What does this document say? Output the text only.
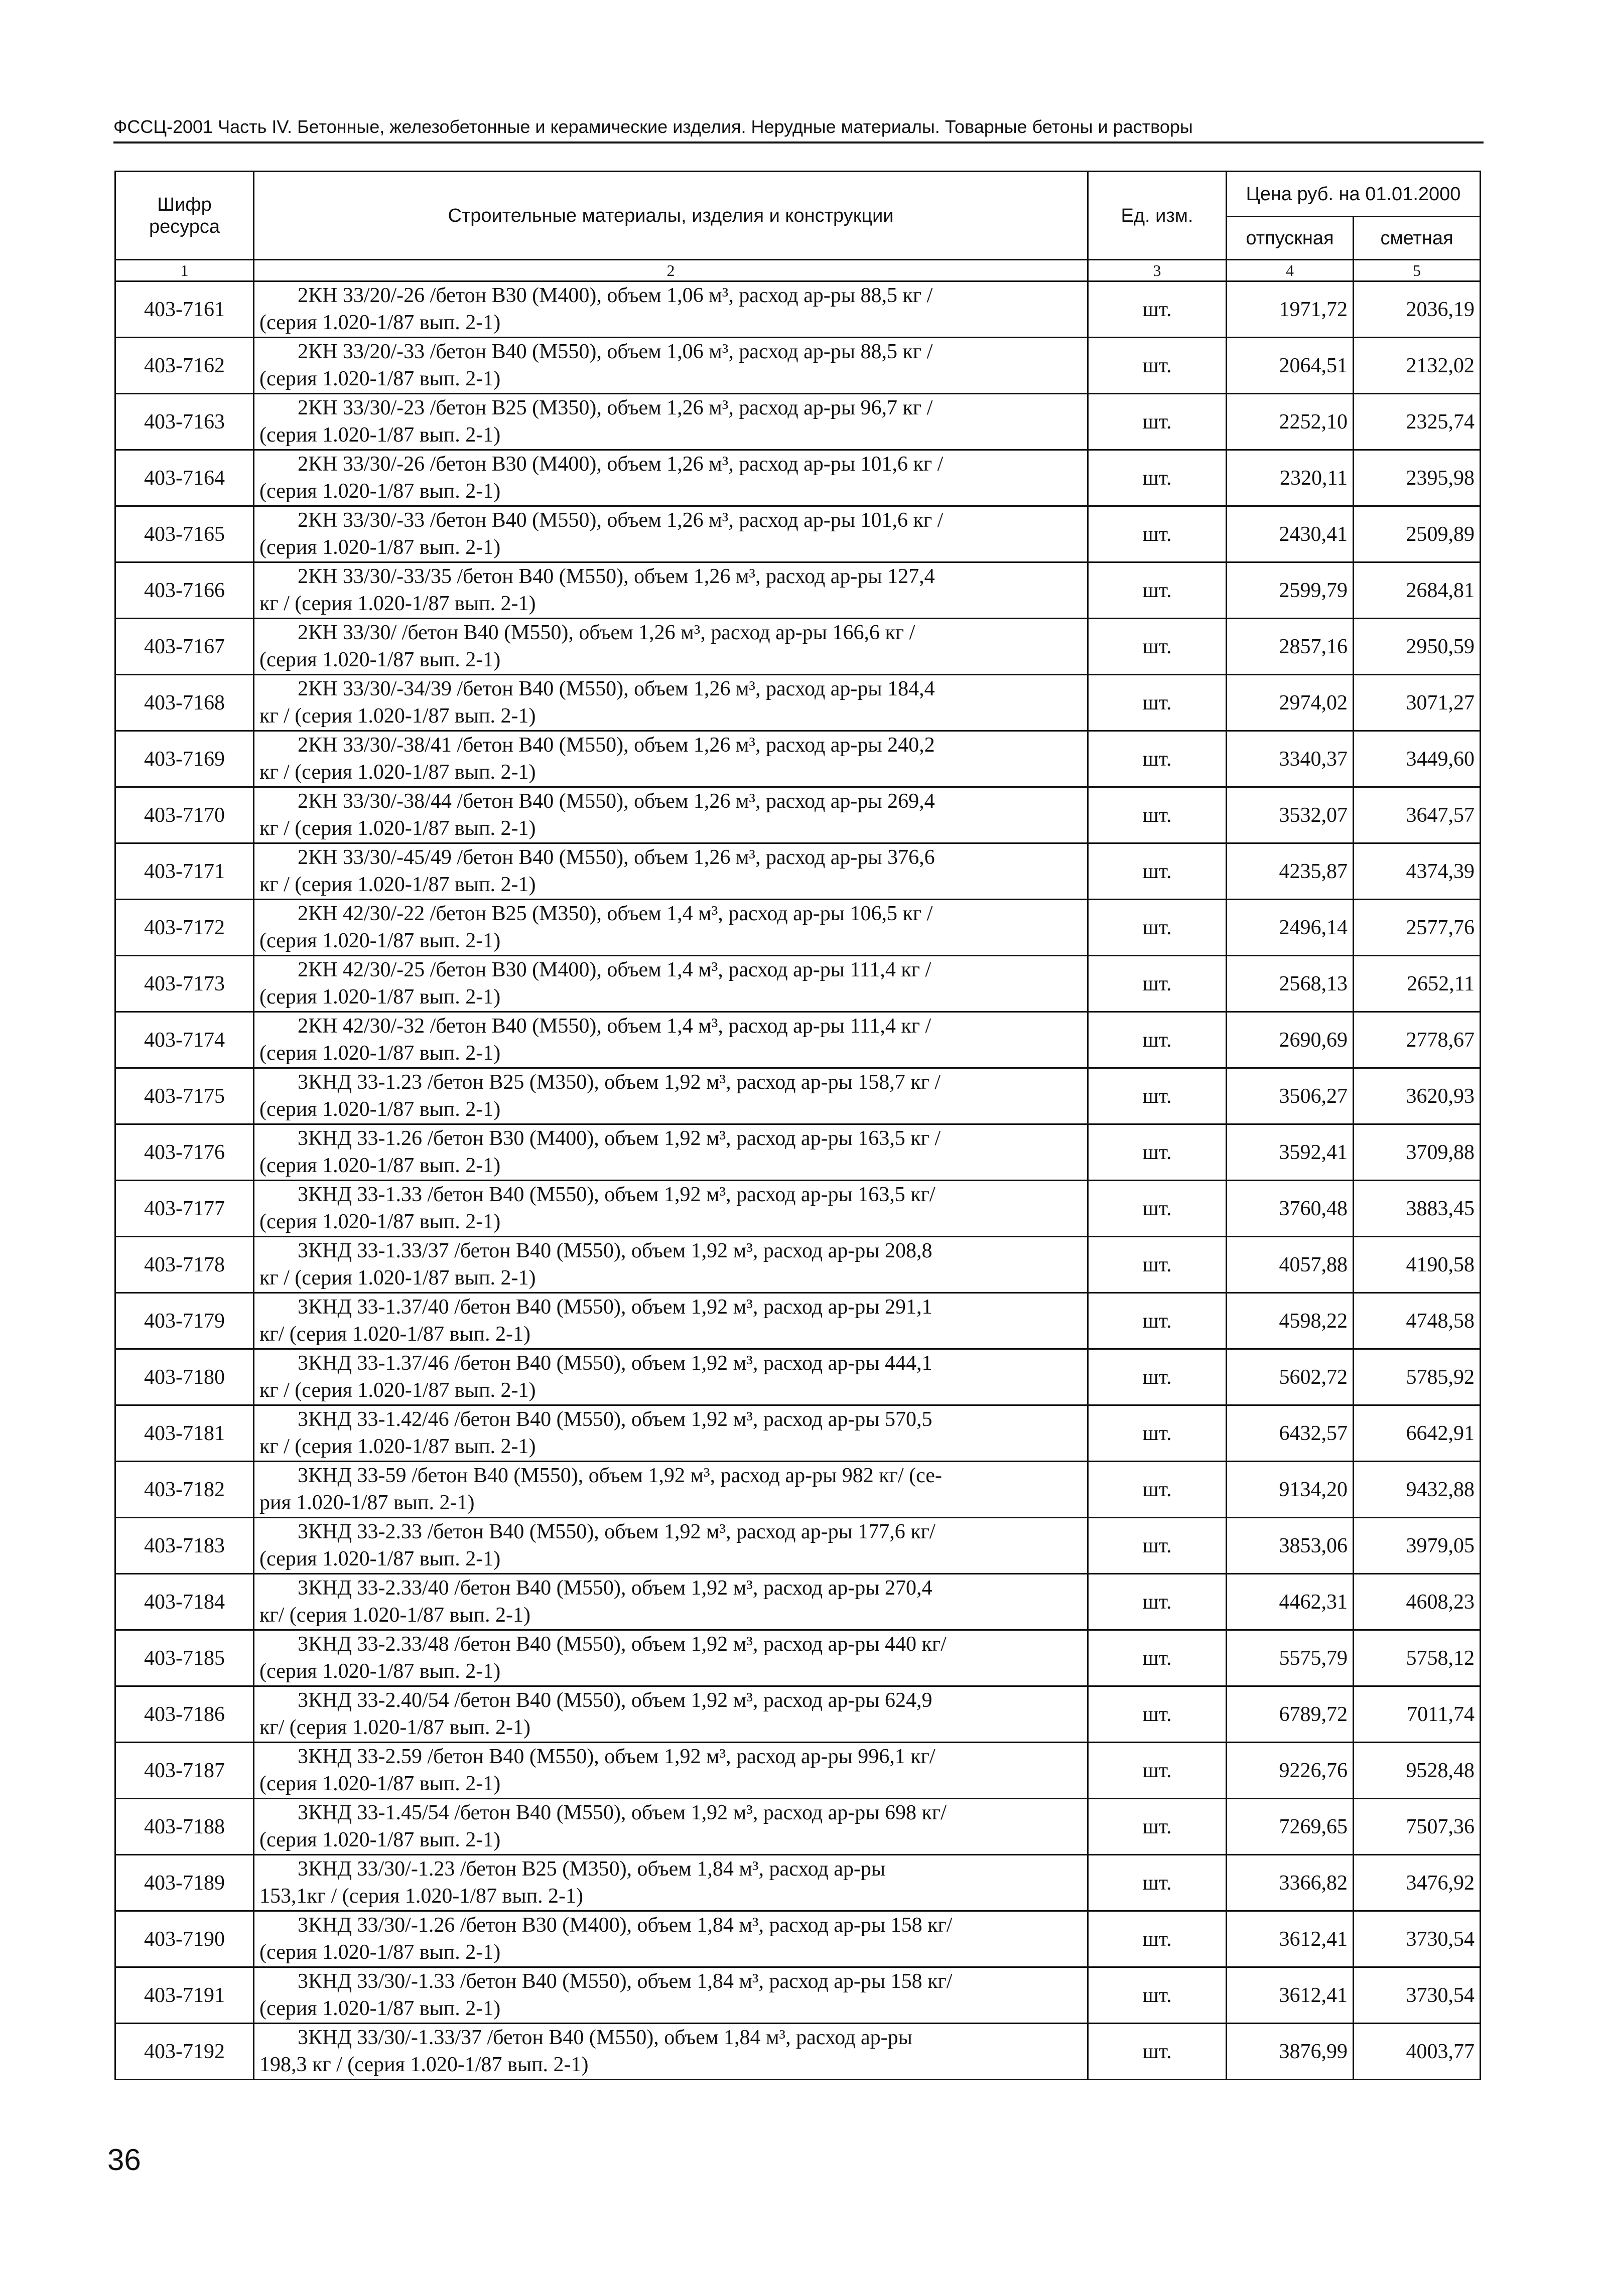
ФССЦ-2001 Часть IV. Бетонные, железобетонные и керамические изделия. Нерудные материалы. Товарные бетоны и растворы
Шифр ресурса	Строительные материалы, изделия и конструкции	Ед. изм.	Цена руб. на 01.01.2000	
			отпускная	сметная
1	2	3	4	5
403-7161	2КН 33/20/-26 /бетон В30 (М400), объем 1,06 м³, расход ар-ры 88,5 кг /
(серия 1.020-1/87 вып. 2-1)	шт.	1971,72	2036,19
403-7162	2КН 33/20/-33 /бетон В40 (М550), объем 1,06 м³, расход ар-ры 88,5 кг /
(серия 1.020-1/87 вып. 2-1)	шт.	2064,51	2132,02
403-7163	2КН 33/30/-23 /бетон В25 (М350), объем 1,26 м³, расход ар-ры 96,7 кг /
(серия 1.020-1/87 вып. 2-1)	шт.	2252,10	2325,74
403-7164	2КН 33/30/-26 /бетон В30 (М400), объем 1,26 м³, расход ар-ры 101,6 кг /
(серия 1.020-1/87 вып. 2-1)	шт.	2320,11	2395,98
403-7165	2КН 33/30/-33 /бетон В40 (М550), объем 1,26 м³, расход ар-ры 101,6 кг /
(серия 1.020-1/87 вып. 2-1)	шт.	2430,41	2509,89
403-7166	2КН 33/30/-33/35 /бетон В40 (М550), объем 1,26 м³, расход ар-ры 127,4
кг / (серия 1.020-1/87 вып. 2-1)	шт.	2599,79	2684,81
403-7167	2КН 33/30/ /бетон В40 (М550), объем 1,26 м³, расход ар-ры 166,6 кг /
(серия 1.020-1/87 вып. 2-1)	шт.	2857,16	2950,59
403-7168	2КН 33/30/-34/39 /бетон В40 (М550), объем 1,26 м³, расход ар-ры 184,4
кг / (серия 1.020-1/87 вып. 2-1)	шт.	2974,02	3071,27
403-7169	2КН 33/30/-38/41 /бетон В40 (М550), объем 1,26 м³, расход ар-ры 240,2
кг / (серия 1.020-1/87 вып. 2-1)	шт.	3340,37	3449,60
403-7170	2КН 33/30/-38/44 /бетон В40 (М550), объем 1,26 м³, расход ар-ры 269,4
кг / (серия 1.020-1/87 вып. 2-1)	шт.	3532,07	3647,57
403-7171	2КН 33/30/-45/49 /бетон В40 (М550), объем 1,26 м³, расход ар-ры 376,6
кг / (серия 1.020-1/87 вып. 2-1)	шт.	4235,87	4374,39
403-7172	2КН 42/30/-22 /бетон В25 (М350), объем 1,4 м³, расход ар-ры 106,5 кг /
(серия 1.020-1/87 вып. 2-1)	шт.	2496,14	2577,76
403-7173	2КН 42/30/-25 /бетон В30 (М400), объем 1,4 м³, расход ар-ры 111,4 кг /
(серия 1.020-1/87 вып. 2-1)	шт.	2568,13	2652,11
403-7174	2КН 42/30/-32 /бетон В40 (М550), объем 1,4 м³, расход ар-ры 111,4 кг /
(серия 1.020-1/87 вып. 2-1)	шт.	2690,69	2778,67
403-7175	3КНД 33-1.23 /бетон В25 (М350), объем 1,92 м³, расход ар-ры 158,7 кг /
(серия 1.020-1/87 вып. 2-1)	шт.	3506,27	3620,93
403-7176	3КНД 33-1.26 /бетон В30 (М400), объем 1,92 м³, расход ар-ры 163,5 кг /
(серия 1.020-1/87 вып. 2-1)	шт.	3592,41	3709,88
403-7177	3КНД 33-1.33 /бетон В40 (М550), объем 1,92 м³, расход ар-ры 163,5 кг/
(серия 1.020-1/87 вып. 2-1)	шт.	3760,48	3883,45
403-7178	3КНД 33-1.33/37 /бетон В40 (М550), объем 1,92 м³, расход ар-ры 208,8
кг / (серия 1.020-1/87 вып. 2-1)	шт.	4057,88	4190,58
403-7179	3КНД 33-1.37/40 /бетон В40 (М550), объем 1,92 м³, расход ар-ры 291,1
кг/ (серия 1.020-1/87 вып. 2-1)	шт.	4598,22	4748,58
403-7180	3КНД 33-1.37/46 /бетон В40 (М550), объем 1,92 м³, расход ар-ры 444,1
кг / (серия 1.020-1/87 вып. 2-1)	шт.	5602,72	5785,92
403-7181	3КНД 33-1.42/46 /бетон В40 (М550), объем 1,92 м³, расход ар-ры 570,5
кг / (серия 1.020-1/87 вып. 2-1)	шт.	6432,57	6642,91
403-7182	3КНД 33-59 /бетон В40 (М550), объем 1,92 м³, расход ар-ры 982 кг/ (се-
рия 1.020-1/87 вып. 2-1)	шт.	9134,20	9432,88
403-7183	3КНД 33-2.33 /бетон В40 (М550), объем 1,92 м³, расход ар-ры 177,6 кг/
(серия 1.020-1/87 вып. 2-1)	шт.	3853,06	3979,05
403-7184	3КНД 33-2.33/40 /бетон В40 (М550), объем 1,92 м³, расход ар-ры 270,4
кг/ (серия 1.020-1/87 вып. 2-1)	шт.	4462,31	4608,23
403-7185	3КНД 33-2.33/48 /бетон В40 (М550), объем 1,92 м³, расход ар-ры 440 кг/
(серия 1.020-1/87 вып. 2-1)	шт.	5575,79	5758,12
403-7186	3КНД 33-2.40/54 /бетон В40 (М550), объем 1,92 м³, расход ар-ры 624,9
кг/ (серия 1.020-1/87 вып. 2-1)	шт.	6789,72	7011,74
403-7187	3КНД 33-2.59 /бетон В40 (М550), объем 1,92 м³, расход ар-ры 996,1 кг/
(серия 1.020-1/87 вып. 2-1)	шт.	9226,76	9528,48
403-7188	3КНД 33-1.45/54 /бетон В40 (М550), объем 1,92 м³, расход ар-ры 698 кг/
(серия 1.020-1/87 вып. 2-1)	шт.	7269,65	7507,36
403-7189	3КНД 33/30/-1.23 /бетон В25 (М350), объем 1,84 м³, расход ар-ры
153,1кг / (серия 1.020-1/87 вып. 2-1)	шт.	3366,82	3476,92
403-7190	3КНД 33/30/-1.26 /бетон В30 (М400), объем 1,84 м³, расход ар-ры 158 кг/
(серия 1.020-1/87 вып. 2-1)	шт.	3612,41	3730,54
403-7191	3КНД 33/30/-1.33 /бетон В40 (М550), объем 1,84 м³, расход ар-ры 158 кг/
(серия 1.020-1/87 вып. 2-1)	шт.	3612,41	3730,54
403-7192	3КНД 33/30/-1.33/37 /бетон В40 (М550), объем 1,84 м³, расход ар-ры
198,3 кг / (серия 1.020-1/87 вып. 2-1)	шт.	3876,99	4003,77
36
